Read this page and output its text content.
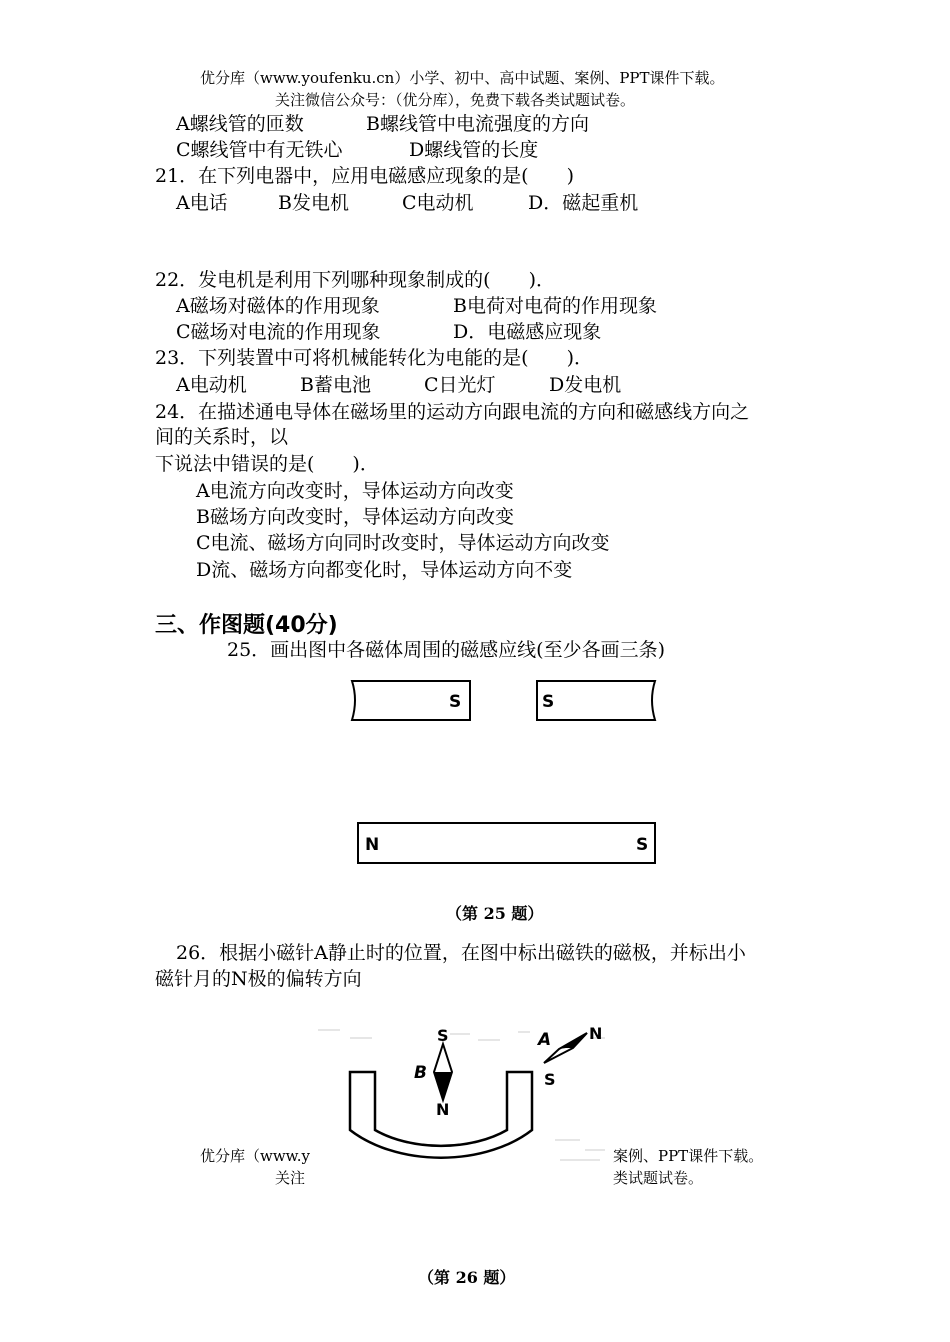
优分库（www.youfenku.cn）小学、初中、高中试题、案例、PPT课件下载。
关注微信公众号：（优分库），免费下载各类试题试卷。
A螺线管的匝数	B螺线管中电流强度的方向
C螺线管中有无铁心	D螺线管的长度
21．在下列电器中，应用电磁感应现象的是(　　)
A电话	B发电机	C电动机	D．磁起重机
22．发电机是利用下列哪种现象制成的(　　)．
A磁场对磁体的作用现象	B电荷对电荷的作用现象
C磁场对电流的作用现象	D．电磁感应现象
23．下列装置中可将机械能转化为电能的是(　　)．
A电动机	B蓄电池	C日光灯	D发电机
24．在描述通电导体在磁场里的运动方向跟电流的方向和磁感线方向之
间的关系时，以
下说法中错误的是(　　)．
A电流方向改变时，导体运动方向改变
B磁场方向改变时，导体运动方向改变
C电流、磁场方向同时改变时，导体运动方向改变
D流、磁场方向都变化时，导体运动方向不变
三、作图题(40分)
25．画出图中各磁体周围的磁感应线(至少各画三条)
S	S
N	S
（第 25 题）
26．根据小磁针A静止时的位置，在图中标出磁铁的磁极，并标出小
磁针月的N极的偏转方向
优分库（www.y
关注
案例、PPT课件下载。
类试题试卷。
S
B
N
A N
S
（第 26 题）
